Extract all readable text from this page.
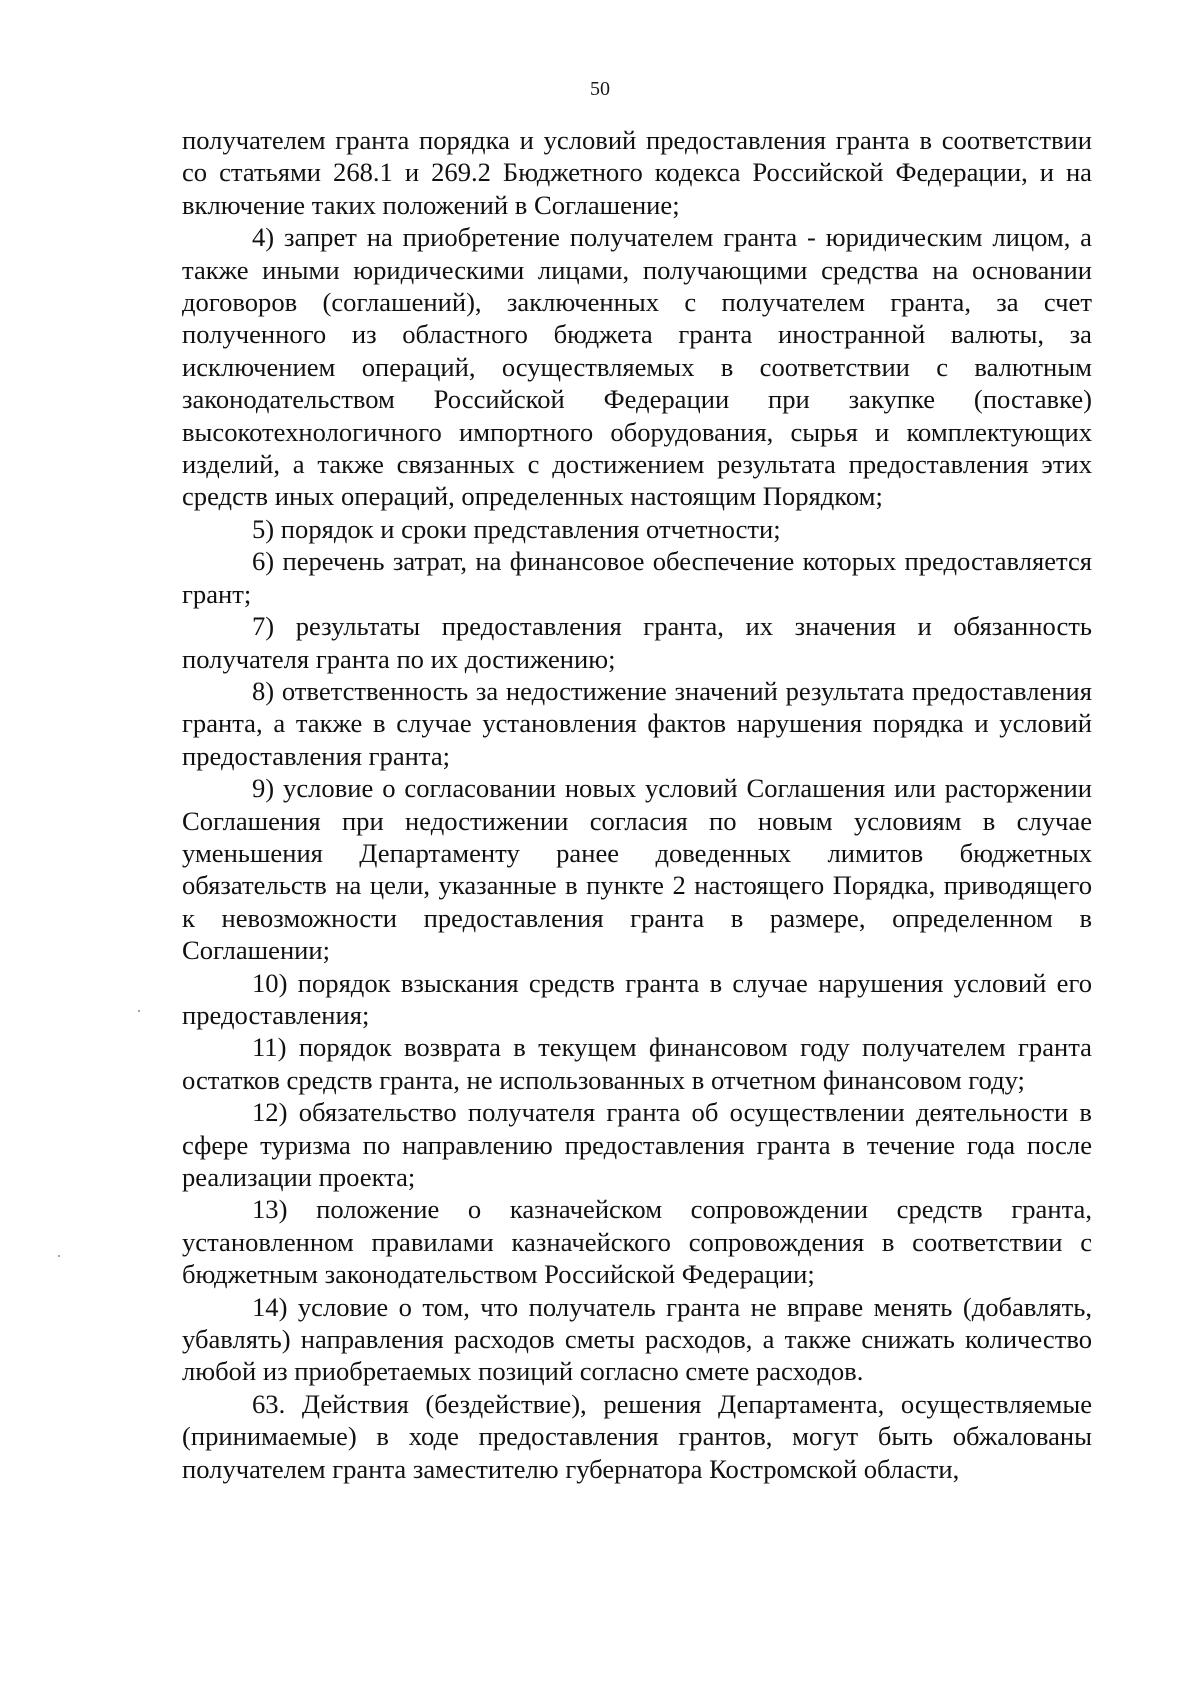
50

получателем гранта порядка и условий предоставления гранта в соответствии со статьями 268.1 и 269.2 Бюджетного кодекса Российской Федерации, и на включение таких положений в Соглашение;

4) запрет на приобретение получателем гранта - юридическим лицом, а также иными юридическими лицами, получающими средства на основании договоров (соглашений), заключенных с получателем гранта, за счет полученного из областного бюджета гранта иностранной валюты, за исключением операций, осуществляемых в соответствии с валютным законодательством Российской Федерации при закупке (поставке) высокотехнологичного импортного оборудования, сырья и комплектующих изделий, а также связанных с достижением результата предоставления этих средств иных операций, определенных настоящим Порядком;

5) порядок и сроки представления отчетности;

6) перечень затрат, на финансовое обеспечение которых предоставляется грант;

7) результаты предоставления гранта, их значения и обязанность получателя гранта по их достижению;

8) ответственность за недостижение значений результата предоставления гранта, а также в случае установления фактов нарушения порядка и условий предоставления гранта;

9) условие о согласовании новых условий Соглашения или расторжении Соглашения при недостижении согласия по новым условиям в случае уменьшения Департаменту ранее доведенных лимитов бюджетных обязательств на цели, указанные в пункте 2 настоящего Порядка, приводящего к невозможности предоставления гранта в размере, определенном в Соглашении;

10) порядок взыскания средств гранта в случае нарушения условий его предоставления;

11) порядок возврата в текущем финансовом году получателем гранта остатков средств гранта, не использованных в отчетном финансовом году;

12) обязательство получателя гранта об осуществлении деятельности в сфере туризма по направлению предоставления гранта в течение года после реализации проекта;

13) положение о казначейском сопровождении средств гранта, установленном правилами казначейского сопровождения в соответствии с бюджетным законодательством Российской Федерации;

14) условие о том, что получатель гранта не вправе менять (добавлять, убавлять) направления расходов сметы расходов, а также снижать количество любой из приобретаемых позиций согласно смете расходов.

63. Действия (бездействие), решения Департамента, осуществляемые (принимаемые) в ходе предоставления грантов, могут быть обжалованы получателем гранта заместителю губернатора Костромской области,
